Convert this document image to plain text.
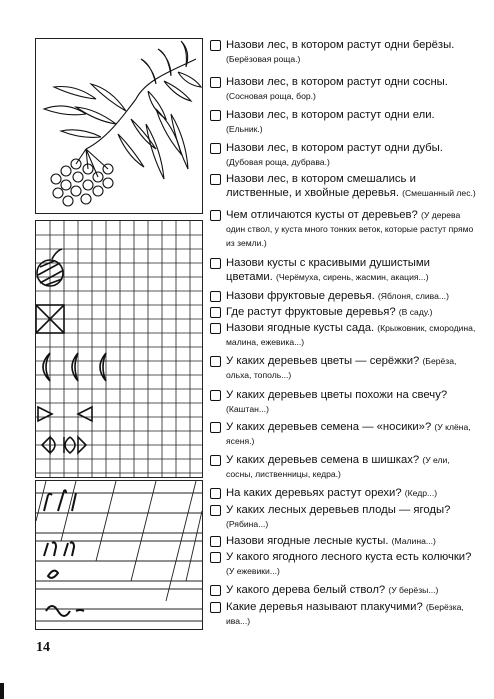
Назови лес, в котором растут одни берёзы.
(Берёзовая роща.)
Назови лес, в котором растут одни сосны.
(Сосновая роща, бор.)
Назови лес, в котором растут одни ели.
(Ельник.)
Назови лес, в котором растут одни дубы.
(Дубовая роща, дубрава.)
Назови лес, в котором смешались и лиственные, и хвойные деревья. (Смешанный лес.)
Чем отличаются кусты от деревьев? (У дерева один ствол, у куста много тонких веток, которые растут прямо из земли.)
Назови кусты с красивыми душистыми цветами. (Черёмуха, сирень, жасмин, акация...)
Назови фруктовые деревья. (Яблоня, слива...)
Где растут фруктовые деревья? (В саду.)
Назови ягодные кусты сада. (Крыжовник, смородина, малина, ежевика...)
У каких деревьев цветы — серёжки? (Берёза, ольха, тополь...)
У каких деревьев цветы похожи на свечу?
(Каштан...)
У каких деревьев семена — «носики»? (У клёна, ясеня.)
У каких деревьев семена в шишках? (У ели, сосны, лиственницы, кедра.)
На каких деревьях растут орехи? (Кедр...)
У каких лесных деревьев плоды — ягоды?
(Рябина...)
Назови ягодные лесные кусты. (Малина...)
У какого ягодного лесного куста есть колючки?
(У ежевики...)
У какого дерева белый ствол? (У берёзы...)
Какие деревья называют плакучими? (Берёзка, ива...)
14
